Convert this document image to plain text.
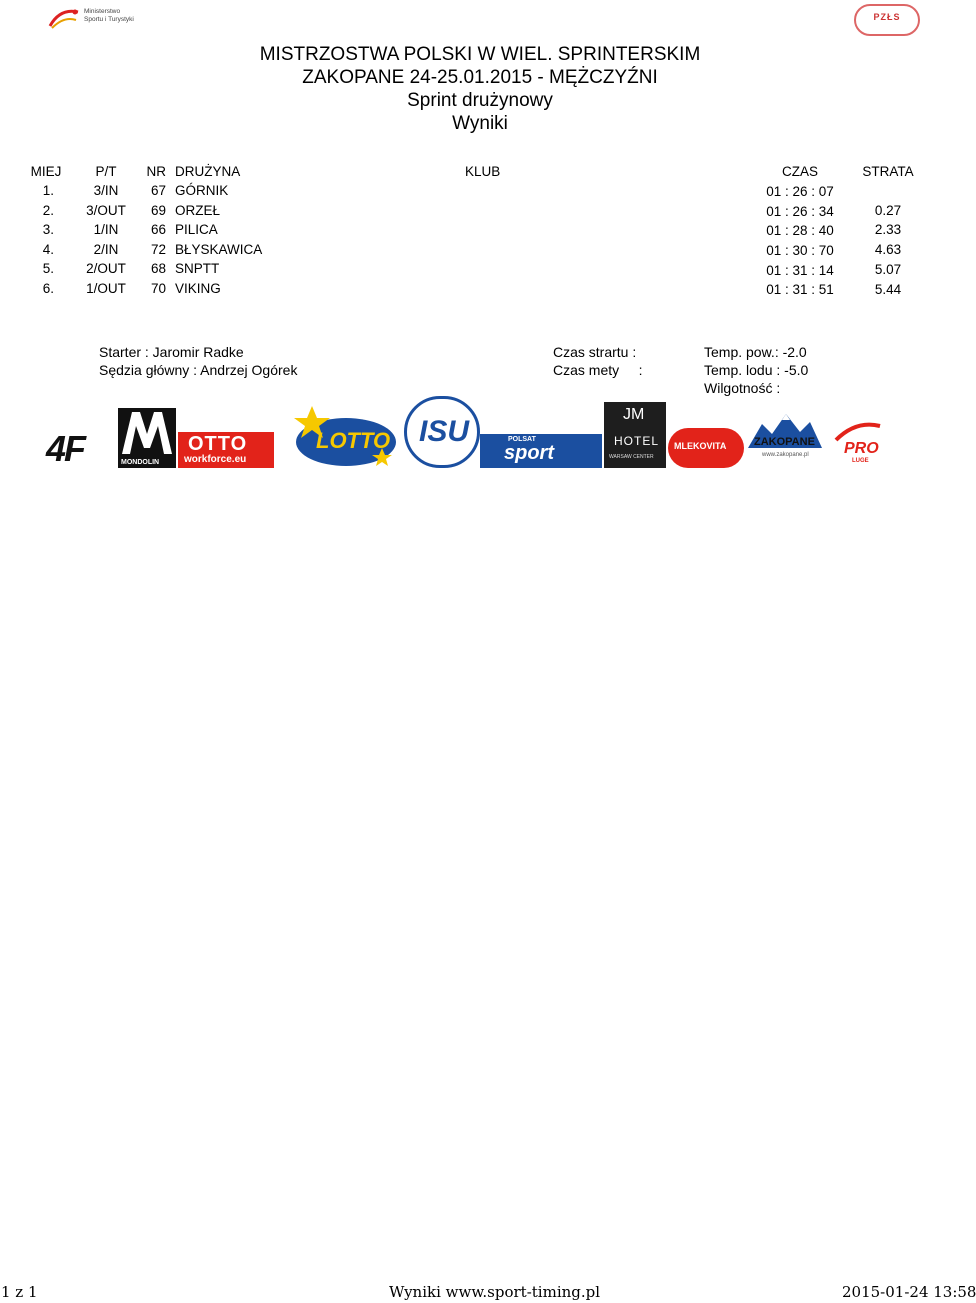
Ministerstwo
Sportu i Turystyki	PZŁS
MISTRZOSTWA POLSKI W WIEL. SPRINTERSKIM
ZAKOPANE 24-25.01.2015 - MĘŻCZYŹNI
Sprint drużynowy
Wyniki
MIEJ	P/T	NR DRUŻYNA	KLUB	CZAS	STRATA
1.	3/IN	67 GÓRNIK	01 : 26 : 07
2.	3/OUT	69 ORZEŁ	01 : 26 : 34	0.27
3.	1/IN	66 PILICA	01 : 28 : 40	2.33
4.	2/IN	72 BŁYSKAWICA	01 : 30 : 70	4.63
5.	2/OUT	68 SNPTT	01 : 31 : 14	5.07
6.	1/OUT	70 VIKING	01 : 31 : 51	5.44
Starter : Jaromir Radke
Sędzia główny : Andrzej Ogórek
Czas strartu :
Czas mety     :
Temp. pow.: -2.0
Temp. lodu : -5.0
Wilgotność :
4F	MONDOLIN
OTTO
workforce.eu
LOTTO ISU	POLSAT
sport
JM
HOTEL
WARSAW CENTER
MLEKOVITA	ZAKOPANE
www.zakopane.pl PRO
LUGE
1 z 1	Wyniki www.sport-timing.pl	2015-01-24 13:58
